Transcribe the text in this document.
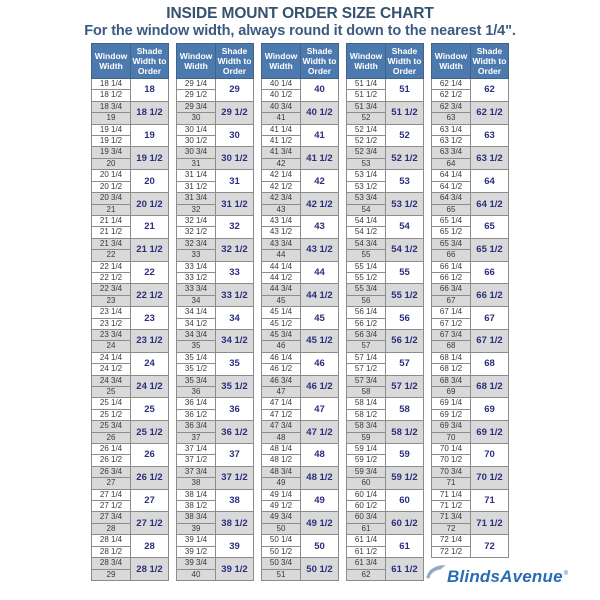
INSIDE MOUNT ORDER SIZE CHART
For the window width, always round it down to the nearest 1/4".
Window Width	Shade Width to Order
18 1/4	18
18 1/2	
18 3/4	18 1/2
19	
19 1/4	19
19 1/2	
19 3/4	19 1/2
20	
20 1/4	20
20 1/2	
20 3/4	20 1/2
21	
21 1/4	21
21 1/2	
21 3/4	21 1/2
22	
22 1/4	22
22 1/2	
22 3/4	22 1/2
23	
23 1/4	23
23 1/2	
23 3/4	23 1/2
24	
24 1/4	24
24 1/2	
24 3/4	24 1/2
25	
25 1/4	25
25 1/2	
25 3/4	25 1/2
26	
26 1/4	26
26 1/2	
26 3/4	26 1/2
27	
27 1/4	27
27 1/2	
27 3/4	27 1/2
28	
28 1/4	28
28 1/2	
28 3/4	28 1/2
29	
Window Width	Shade Width to Order
29 1/4	29
29 1/2	
29 3/4	29 1/2
30	
30 1/4	30
30 1/2	
30 3/4	30 1/2
31	
31 1/4	31
31 1/2	
31 3/4	31 1/2
32	
32 1/4	32
32 1/2	
32 3/4	32 1/2
33	
33 1/4	33
33 1/2	
33 3/4	33 1/2
34	
34 1/4	34
34 1/2	
34 3/4	34 1/2
35	
35 1/4	35
35 1/2	
35 3/4	35 1/2
36	
36 1/4	36
36 1/2	
36 3/4	36 1/2
37	
37 1/4	37
37 1/2	
37 3/4	37 1/2
38	
38 1/4	38
38 1/2	
38 3/4	38 1/2
39	
39 1/4	39
39 1/2	
39 3/4	39 1/2
40	
Window Width	Shade Width to Order
40 1/4	40
40 1/2	
40 3/4	40 1/2
41	
41 1/4	41
41 1/2	
41 3/4	41 1/2
42	
42 1/4	42
42 1/2	
42 3/4	42 1/2
43	
43 1/4	43
43 1/2	
43 3/4	43 1/2
44	
44 1/4	44
44 1/2	
44 3/4	44 1/2
45	
45 1/4	45
45 1/2	
45 3/4	45 1/2
46	
46 1/4	46
46 1/2	
46 3/4	46 1/2
47	
47 1/4	47
47 1/2	
47 3/4	47 1/2
48	
48 1/4	48
48 1/2	
48 3/4	48 1/2
49	
49 1/4	49
49 1/2	
49 3/4	49 1/2
50	
50 1/4	50
50 1/2	
50 3/4	50 1/2
51	
Window Width	Shade Width to Order
51 1/4	51
51 1/2	
51 3/4	51 1/2
52	
52 1/4	52
52 1/2	
52 3/4	52 1/2
53	
53 1/4	53
53 1/2	
53 3/4	53 1/2
54	
54 1/4	54
54 1/2	
54 3/4	54 1/2
55	
55 1/4	55
55 1/2	
55 3/4	55 1/2
56	
56 1/4	56
56 1/2	
56 3/4	56 1/2
57	
57 1/4	57
57 1/2	
57 3/4	57 1/2
58	
58 1/4	58
58 1/2	
58 3/4	58 1/2
59	
59 1/4	59
59 1/2	
59 3/4	59 1/2
60	
60 1/4	60
60 1/2	
60 3/4	60 1/2
61	
61 1/4	61
61 1/2	
61 3/4	61 1/2
62	
Window Width	Shade Width to Order
62 1/4	62
62 1/2	
62 3/4	62 1/2
63	
63 1/4	63
63 1/2	
63 3/4	63 1/2
64	
64 1/4	64
64 1/2	
64 3/4	64 1/2
65	
65 1/4	65
65 1/2	
65 3/4	65 1/2
66	
66 1/4	66
66 1/2	
66 3/4	66 1/2
67	
67 1/4	67
67 1/2	
67 3/4	67 1/2
68	
68 1/4	68
68 1/2	
68 3/4	68 1/2
69	
69 1/4	69
69 1/2	
69 3/4	69 1/2
70	
70 1/4	70
70 1/2	
70 3/4	70 1/2
71	
71 1/4	71
71 1/2	
71 3/4	71 1/2
72	
72 1/4	72
72 1/2	
BlindsAvenue ®
